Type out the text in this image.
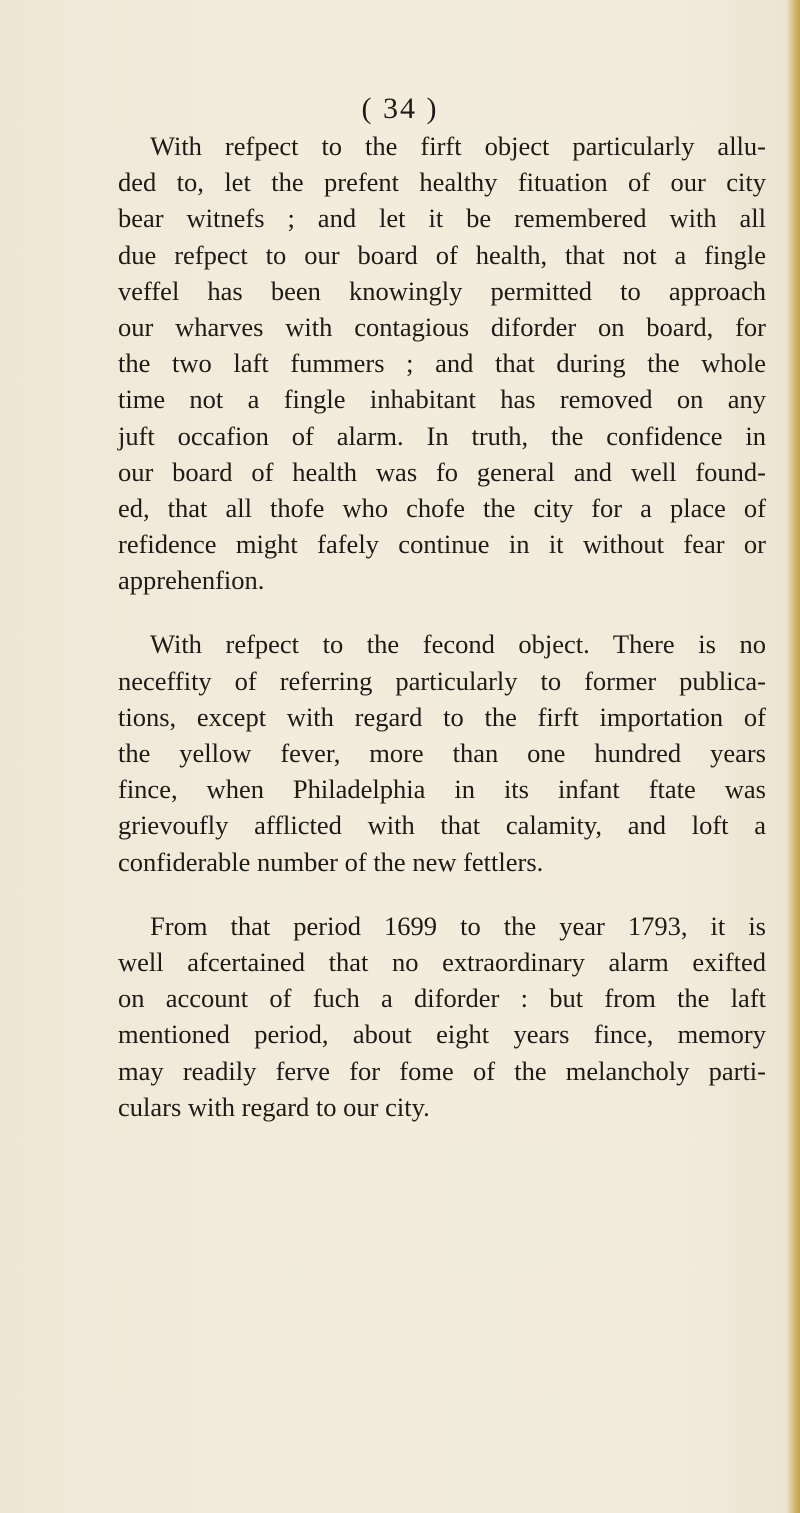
( 34 )

With refpect to the firft object particularly allu-
ded to, let the prefent healthy fituation of our city
bear witnefs ; and let it be remembered with all
due refpect to our board of health, that not a fingle
veffel has been knowingly permitted to approach
our wharves with contagious diforder on board, for
the two laft fummers ; and that during the whole
time not a fingle inhabitant has removed on any
juft occafion of alarm. In truth, the confidence in
our board of health was fo general and well found-
ed, that all thofe who chofe the city for a place of
refidence might fafely continue in it without fear or
apprehenfion.

With refpect to the fecond object. There is no
neceffity of referring particularly to former publica-
tions, except with regard to the firft importation of
the yellow fever, more than one hundred years
fince, when Philadelphia in its infant ftate was
grievoufly afflicted with that calamity, and loft a
confiderable number of the new fettlers.

From that period 1699 to the year 1793, it is
well afcertained that no extraordinary alarm exifted
on account of fuch a diforder : but from the laft
mentioned period, about eight years fince, memory
may readily ferve for fome of the melancholy parti-
culars with regard to our city.
